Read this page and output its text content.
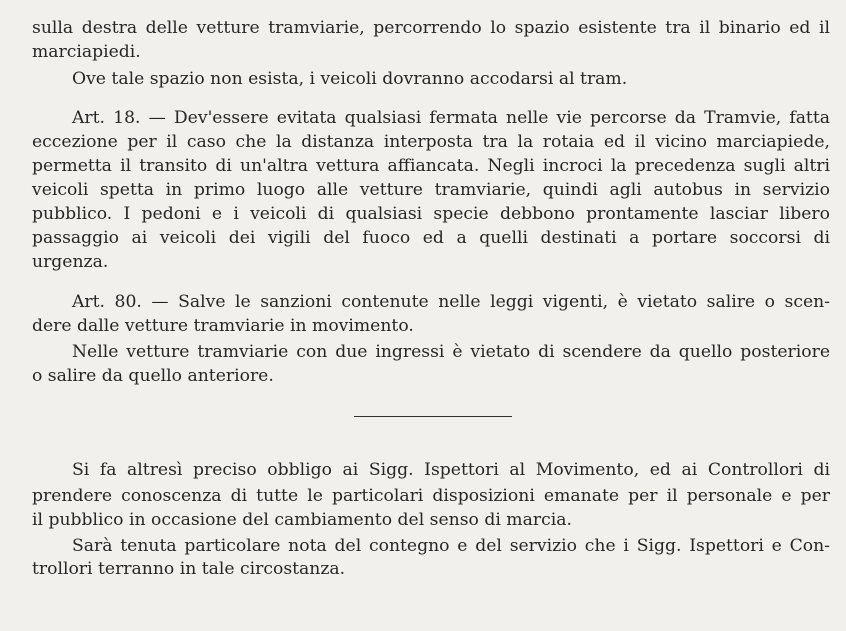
sulla destra delle vetture tramviarie, percorrendo lo spazio esistente tra il binario ed il
marciapiedi.
Ove tale spazio non esista, i veicoli dovranno accodarsi al tram.
Art. 18. — Dev'essere evitata qualsiasi fermata nelle vie percorse da Tramvie, fatta
eccezione per il caso che la distanza interposta tra la rotaia ed il vicino marciapiede,
permetta il transito di un'altra vettura affiancata. Negli incroci la precedenza sugli altri
veicoli spetta in primo luogo alle vetture tramviarie, quindi agli autobus in servizio
pubblico. I pedoni e i veicoli di qualsiasi specie debbono prontamente lasciar libero
passaggio ai veicoli dei vigili del fuoco ed a quelli destinati a portare soccorsi di
urgenza.
Art. 80. — Salve le sanzioni contenute nelle leggi vigenti, è vietato salire o scen-
dere dalle vetture tramviarie in movimento.
Nelle vetture tramviarie con due ingressi è vietato di scendere da quello posteriore
o salire da quello anteriore.
Si fa altresì preciso obbligo ai Sigg. Ispettori al Movimento, ed ai Controllori di
prendere conoscenza di tutte le particolari disposizioni emanate per il personale e per
il pubblico in occasione del cambiamento del senso di marcia.
Sarà tenuta particolare nota del contegno e del servizio che i Sigg. Ispettori e Con-
trollori terranno in tale circostanza.
